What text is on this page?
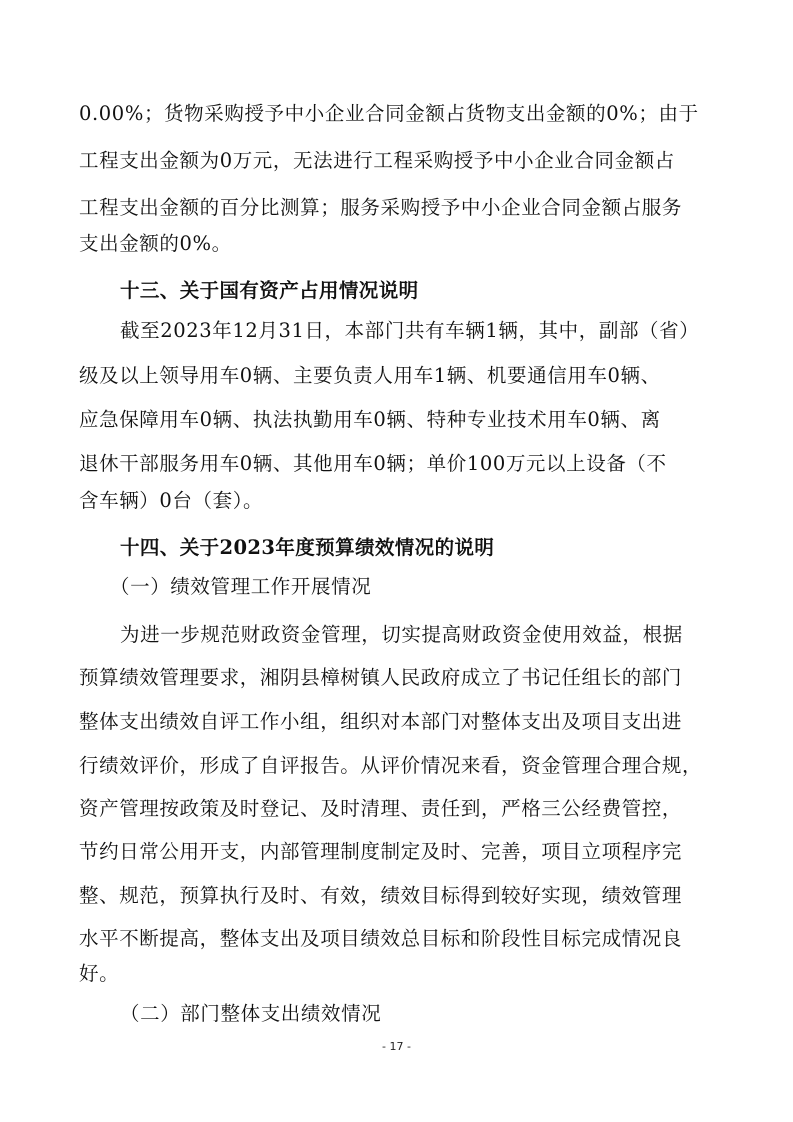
0.00%；货物采购授予中小企业合同金额占货物支出金额的0%；由于

工程支出金额为0万元，无法进行工程采购授予中小企业合同金额占

工程支出金额的百分比测算；服务采购授予中小企业合同金额占服务

支出金额的0%。

十三、关于国有资产占用情况说明

截至2023年12月31日，本部门共有车辆1辆，其中，副部（省）

级及以上领导用车0辆、主要负责人用车1辆、机要通信用车0辆、

应急保障用车0辆、执法执勤用车0辆、特种专业技术用车0辆、离

退休干部服务用车0辆、其他用车0辆；单价100万元以上设备（不

含车辆）0台（套）。

十四、关于2023年度预算绩效情况的说明

（一）绩效管理工作开展情况

为进一步规范财政资金管理，切实提高财政资金使用效益，根据

预算绩效管理要求，湘阴县樟树镇人民政府成立了书记任组长的部门

整体支出绩效自评工作小组，组织对本部门对整体支出及项目支出进

行绩效评价，形成了自评报告。从评价情况来看，资金管理合理合规，

资产管理按政策及时登记、及时清理、责任到，严格三公经费管控，

节约日常公用开支，内部管理制度制定及时、完善，项目立项程序完

整、规范，预算执行及时、有效，绩效目标得到较好实现，绩效管理

水平不断提高，整体支出及项目绩效总目标和阶段性目标完成情况良

好。

（二）部门整体支出绩效情况

- 17 -
